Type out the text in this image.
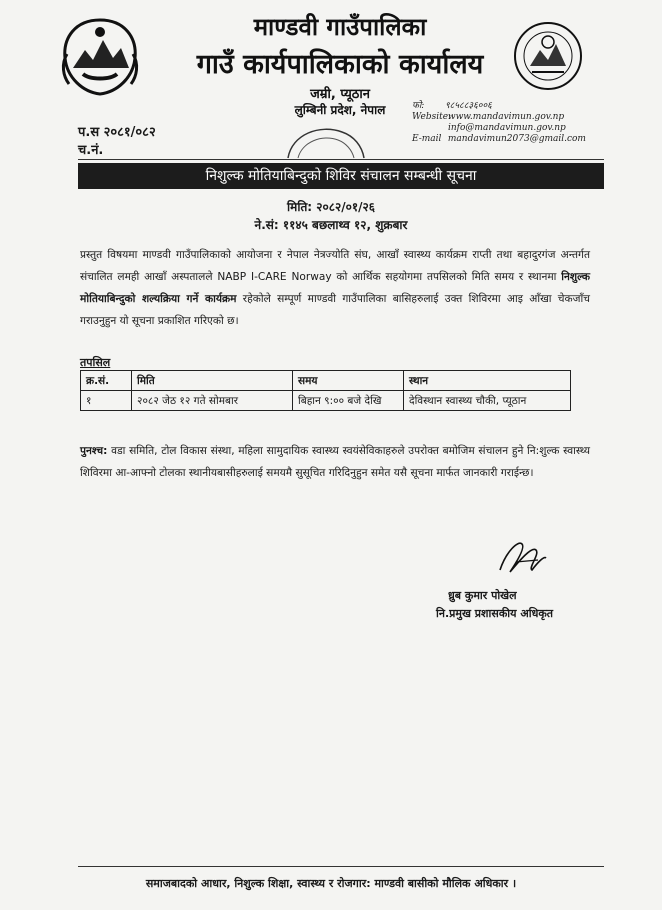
माण्डवी गाउँपालिका
गाउँ कार्यपालिकाको कार्यालय
जम्री, प्यूठान
लुम्बिनी प्रदेश, नेपाल
प.स २०८१/०८२
च.नं.
फो: ९८५८८३६००६
Website: www.mandavimun.gov.np
info@mandavimun.gov.np
E-mail mandavimun2073@gmail.com
निशुल्क मोतियाबिन्दुको शिविर संचालन सम्बन्धी सूचना
मिति: २०८२/०१/२६
ने.सं: ११४५ बछलाथ्व १२, शुक्रबार
प्रस्तुत विषयमा माण्डवी गाउँपालिकाको आयोजना र नेपाल नेत्रज्योति संघ, आखाँ स्वास्थ्य कार्यक्रम राप्ती तथा बहादुरगंज अन्तर्गत संचालित लमही आखाँ अस्पतालले NABP I-CARE Norway को आर्थिक सहयोगमा तपसिलको मिति समय र स्थानमा निशुल्क मोतियाबिन्दुको शल्यक्रिया गर्ने कार्यक्रम रहेकोले सम्पूर्ण माण्डवी गाउँपालिका बासिहरुलाई उक्त शिविरमा आइ आँखा चेकजाँच गराउनुहुन यो सूचना प्रकाशित गरिएको छ।
तपसिल
क्र.सं.	मिति	समय	स्थान
१	२०८२ जेठ १२ गते सोमबार	बिहान ९:०० बजे देखि	देविस्थान स्वास्थ्य चौकी, प्यूठान
पुनश्च: वडा समिति, टोल विकास संस्था, महिला सामुदायिक स्वास्थ्य स्वयंसेविकाहरुले उपरोक्त बमोजिम संचालन हुने नि:शुल्क स्वास्थ्य शिविरमा आ-आफ्नो टोलका स्थानीयबासीहरुलाई समयमै सुसूचित गरिदिनुहुन समेत यसै सूचना मार्फत जानकारी गराईन्छ।
ध्रुब कुमार पोखेल
नि.प्रमुख प्रशासकीय अधिकृत
समाजबादको आधार, निशुल्क शिक्षा, स्वास्थ्य र रोजगार: माण्डवी बासीको मौलिक अधिकार ।
